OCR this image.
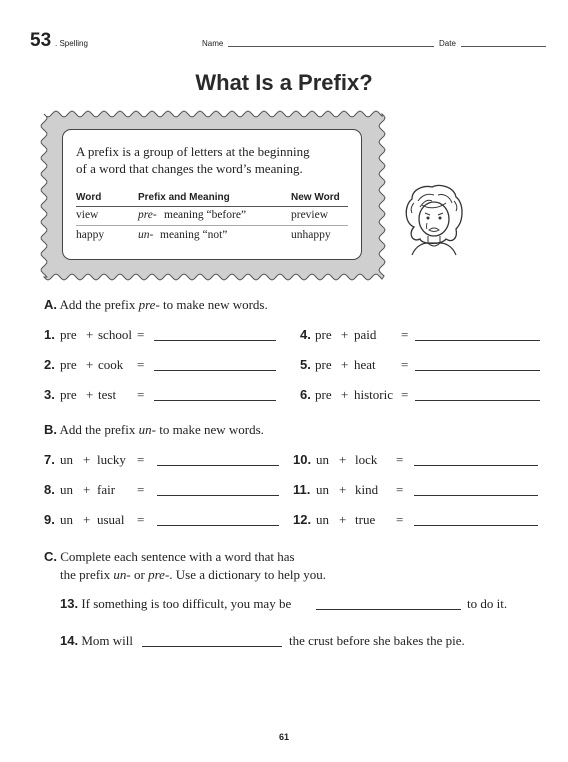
53 . Spelling	Name	Date
What Is a Prefix?
A prefix is a group of letters at the beginning
of a word that changes the word’s meaning.
Word	Prefix and Meaning	New Word
view	pre- meaning “before”	preview
happy	un- meaning “not”	unhappy
A. Add the prefix pre- to make new words.
1. pre + school =
2. pre + cook =
3. pre + test =
4. pre + paid =
5. pre + heat =
6. pre + historic =
B. Add the prefix un- to make new words.
7. un + lucky =
8. un + fair =
9. un + usual =
10. un + lock =
11. un + kind =
12. un + true =
C. Complete each sentence with a word that has
the prefix un- or pre-. Use a dictionary to help you.
13. If something is too difficult, you may be	to do it.
14. Mom will	the crust before she bakes the pie.
61
